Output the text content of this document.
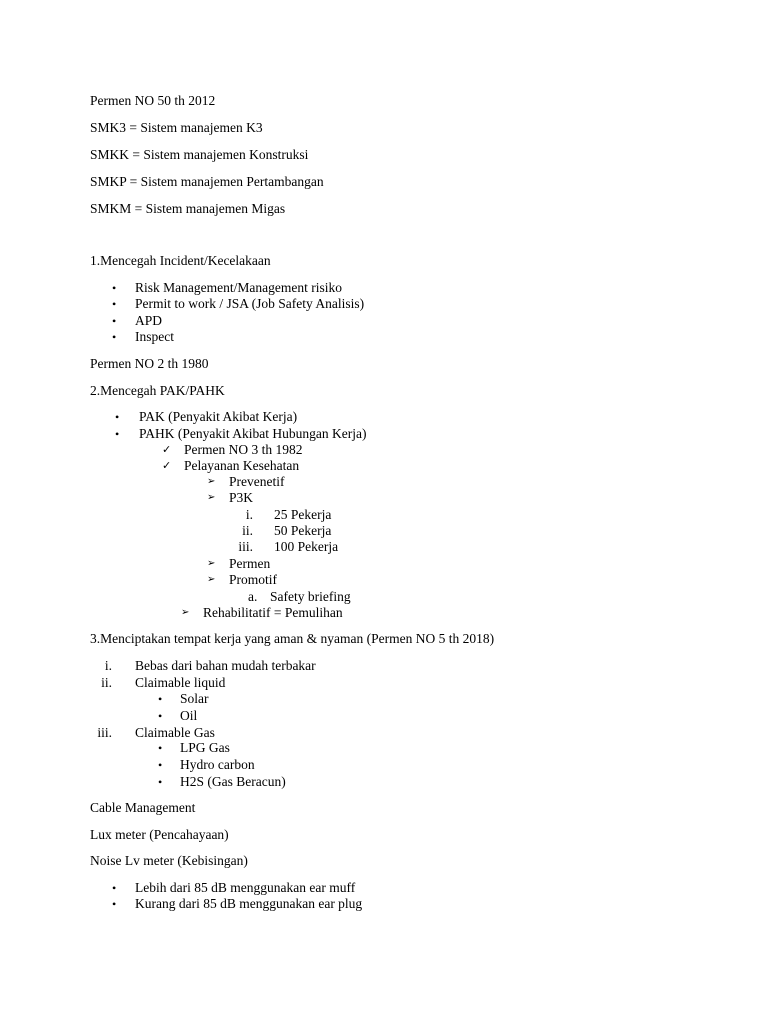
Permen NO 50 th 2012
SMK3 = Sistem manajemen K3
SMKK = Sistem manajemen Konstruksi
SMKP = Sistem manajemen Pertambangan
SMKM = Sistem manajemen Migas
1.Mencegah Incident/Kecelakaan
• Risk Management/Management risiko
• Permit to work / JSA (Job Safety Analisis)
• APD
• Inspect
Permen NO 2 th 1980
2.Mencegah PAK/PAHK
• PAK (Penyakit Akibat Kerja)
• PAHK (Penyakit Akibat Hubungan Kerja)
✓ Permen NO 3 th 1982
✓ Pelayanan Kesehatan
➢ Prevenetif
➢ P3K
i. 25 Pekerja
ii. 50 Pekerja
iii. 100 Pekerja
➢ Permen
➢ Promotif
a. Safety briefing
➢ Rehabilitatif = Pemulihan
3.Menciptakan tempat kerja yang aman & nyaman (Permen NO 5 th 2018)
i. Bebas dari bahan mudah terbakar
ii. Claimable liquid
• Solar
• Oil
iii. Claimable Gas
• LPG Gas
• Hydro carbon
• H2S (Gas Beracun)
Cable Management
Lux meter (Pencahayaan)
Noise Lv meter (Kebisingan)
• Lebih dari 85 dB menggunakan ear muff
• Kurang dari 85 dB menggunakan ear plug
